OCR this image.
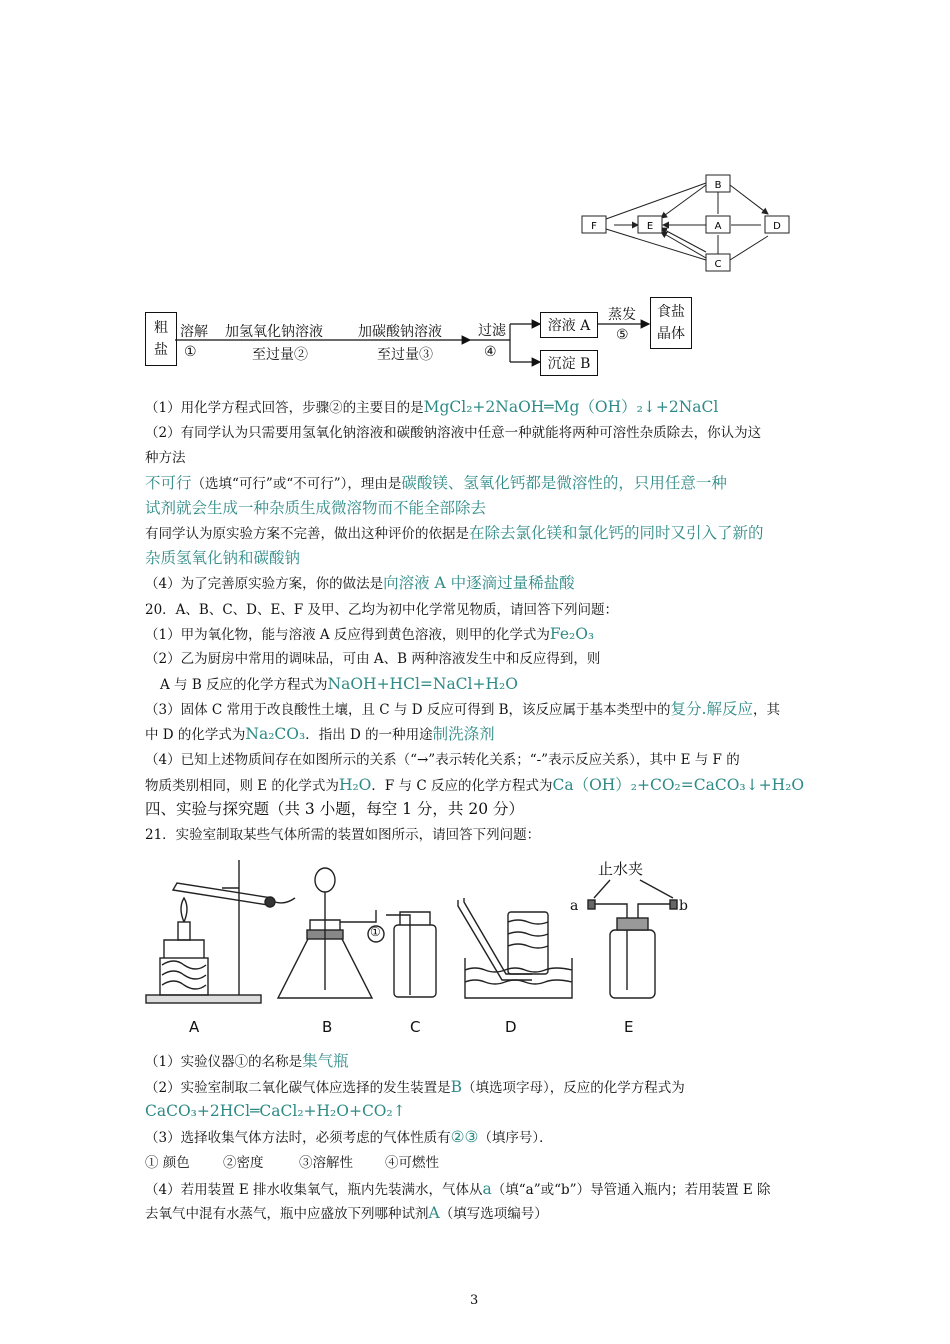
B
F	E	A	D
C
粗
盐
溶解
①
加氢氧化钠溶液
至过量②
加碳酸钠溶液
至过量③
过滤
④
溶液 A
沉淀 B
蒸发
⑤
食盐
晶体
（1）用化学方程式回答，步骤②的主要目的是MgCl₂+2NaOH═Mg（OH）₂↓+2NaCl
（2）有同学认为只需要用氢氧化钠溶液和碳酸钠溶液中任意一种就能将两种可溶性杂质除去，你认为这
种方法
不可行（选填“可行”或“不可行”），理由是碳酸镁、氢氧化钙都是微溶性的，只用任意一种
试剂就会生成一种杂质生成微溶物而不能全部除去
有同学认为原实验方案不完善，做出这种评价的依据是在除去氯化镁和氯化钙的同时又引入了新的
杂质氢氧化钠和碳酸钠
（4）为了完善原实验方案，你的做法是向溶液 A 中逐滴过量稀盐酸
20．A、B、C、D、E、F 及甲、乙均为初中化学常见物质，请回答下列问题：
（1）甲为氧化物，能与溶液 A 反应得到黄色溶液，则甲的化学式为Fe₂O₃
（2）乙为厨房中常用的调味品，可由 A、B 两种溶液发生中和反应得到，则
A 与 B 反应的化学方程式为NaOH+HCl=NaCl+H₂O
（3）固体 C 常用于改良酸性土壤，且 C 与 D 反应可得到 B，该反应属于基本类型中的复分.解反应，其
中 D 的化学式为Na₂CO₃．指出 D 的一种用途制洗涤剂
（4）已知上述物质间存在如图所示的关系（“→”表示转化关系；“-”表示反应关系），其中 E 与 F 的
物质类别相同，则 E 的化学式为H₂O．F 与 C 反应的化学方程式为Ca（OH）₂+CO₂=CaCO₃↓+H₂O
四、实验与探究题（共 3 小题，每空 1 分，共 20 分）
21．实验室制取某些气体所需的装置如图所示，请回答下列问题：
A	B	C	D	E
止水夹
a	b
①
（1）实验仪器①的名称是集气瓶
（2）实验室制取二氧化碳气体应选择的发生装置是B（填选项字母），反应的化学方程式为
CaCO₃+2HCl═CaCl₂+H₂O+CO₂↑
（3）选择收集气体方法时，必须考虑的气体性质有②③（填序号）．
① 颜色 ②密度	③溶解性 ④可燃性
（4）若用装置 E 排水收集氧气，瓶内先装满水，气体从a（填“a”或“b”）导管通入瓶内；若用装置 E 除
去氧气中混有水蒸气，瓶中应盛放下列哪种试剂A（填写选项编号）
3
